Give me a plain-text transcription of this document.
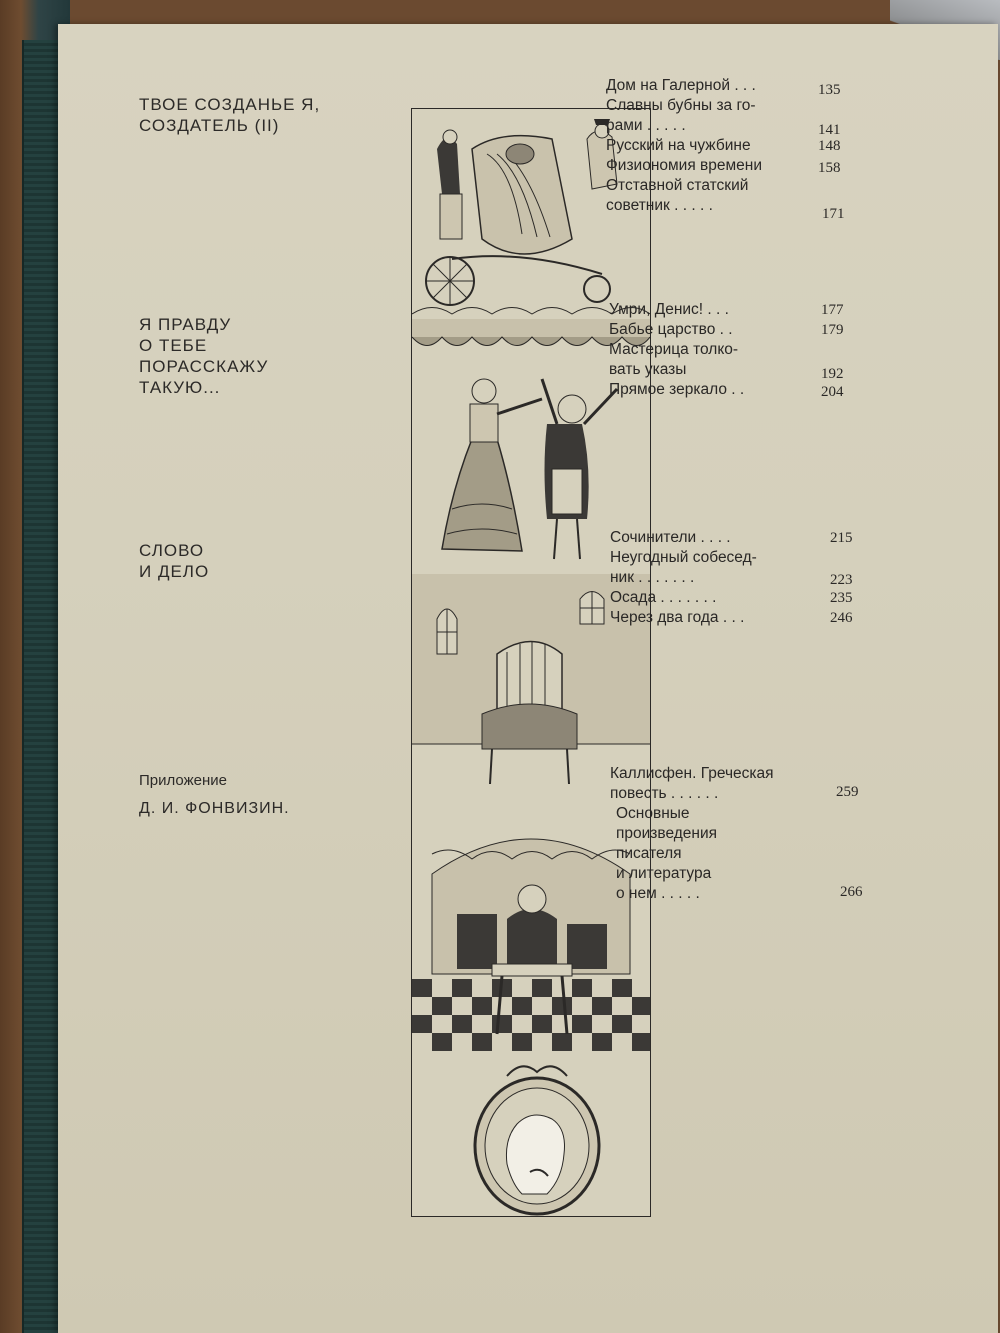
ТВОЕ СОЗДАНЬЕ Я,
СОЗДАТЕЛЬ (II)
Я ПРАВДУ
О ТЕБЕ
ПОРАССКАЖУ
ТАКУЮ...
СЛОВО
И ДЕЛО
Приложение
Д. И. ФОНВИЗИН.
Дом на Галерной . . .	135
Славны бубны за го-
рами . . . . .	141
Русский на чужбине	148
Физиономия времени	158
Отставной статский
советник . . . . .	171
Умри, Денис! . . .	177
Бабье царство . .	179
Мастерица толко-
вать указы	192
Прямое зеркало . .	204
Сочинители . . . .	215
Неугодный собесед-
ник . . . . . . .	223
Осада . . . . . . .	235
Через два года . . .	246
Каллисфен. Греческая
повесть . . . . . .	259
Основные
произведения
писателя
и литература
о нем . . . . .	266
